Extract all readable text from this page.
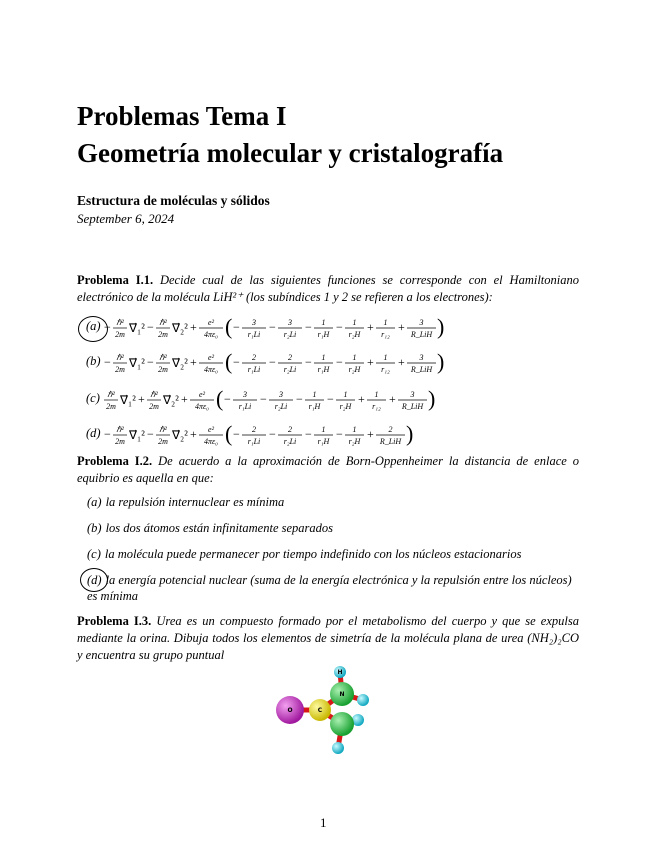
Problemas Tema I
Geometría molecular y cristalografía
Estructura de moléculas y sólidos
September 6, 2024
Problema I.1. Decide cual de las siguientes funciones se corresponde con el Hamiltoniano electrónico de la molécula LiH²⁺ (los subíndices 1 y 2 se refieren a los electrones):
(a) − ℏ²
2m ∇⃗₁² − ℏ²
2m ∇⃗₂² + e²
4πε₀ ( − 3
r₁Li
− 3
r₂Li
− 1
r₁H
− 1
r₂H
+ 1
r₁₂
+ 3
R_LiH )
(b) − ℏ²
2m ∇⃗₁² − ℏ²
2m ∇⃗₂² + e²
4πε₀ ( − 2
r₁Li
− 2
r₂Li
− 1
r₁H
− 1
r₂H
+ 1
r₁₂
+ 3
R_LiH )
(c) ℏ²
2m ∇⃗₁² + ℏ²
2m ∇⃗₂² + e²
4πε₀ ( − 3
r₁Li
− 3
r₂Li
− 1
r₁H
− 1
r₂H
+ 1
r₁₂
+ 3
R_LiH )
(d) − ℏ²
2m ∇⃗₁² − ℏ²
2m ∇⃗₂² + e²
4πε₀ ( − 2
r₁Li
− 2
r₂Li
− 1
r₁H
− 1
r₂H
+ 2
R_LiH )
Problema I.2. De acuerdo a la aproximación de Born-Oppenheimer la distancia de enlace o equibrio es aquella en que:
(a) la repulsión internuclear es mínima
(b) los dos átomos están infinitamente separados
(c) la molécula puede permanecer por tiempo indefinido con los núcleos estacionarios
(d) la energía potencial nuclear (suma de la energía electrónica y la repulsión entre los núcleos) es mínima
Problema I.3. Urea es un compuesto formado por el metabolismo del cuerpo y que se expulsa mediante la orina. Dibuja todos los elementos de simetría de la molécula plana de urea (NH₂)₂CO y encuentra su grupo puntual
O	C
N
H
1
